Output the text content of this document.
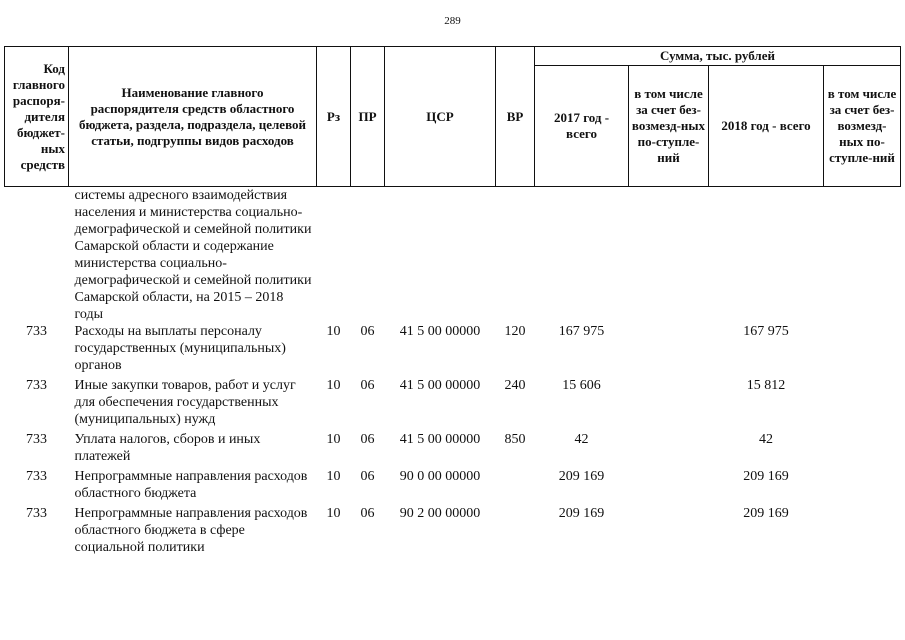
289
Код главного распоря-дителя бюджет-ных средств	Наименование главного распорядителя средств областного бюджета, раздела, подраздела, целевой статьи, подгруппы видов расходов	Рз	ПР	ЦСР	ВР	Сумма, тыс. рублей			
						2017 год - всего	в том числе за счет без-возмезд-ных по-ступле-ний	2018 год - всего	в том числе за счет без-возмезд-ных по-ступле-ний
	системы адресного взаимодействия населения и министерства социально-демографической и семейной политики Самарской области и содержание министерства социально-демографической и семейной политики Самарской области, на 2015 – 2018 годы								
733	Расходы на выплаты персоналу государственных (муниципальных) органов	10	06	41 5 00 00000	120	167 975		167 975	

733	Иные закупки товаров, работ и услуг для обеспечения государственных (муниципальных) нужд	10	06	41 5 00 00000	240	15 606		15 812	

733	Уплата налогов, сборов и иных платежей	10	06	41 5 00 00000	850	42		42	

733	Непрограммные направления расходов областного бюджета	10	06	90 0 00 00000		209 169		209 169	

733	Непрограммные направления расходов областного бюджета в сфере социальной политики	10	06	90 2 00 00000		209 169		209 169	
